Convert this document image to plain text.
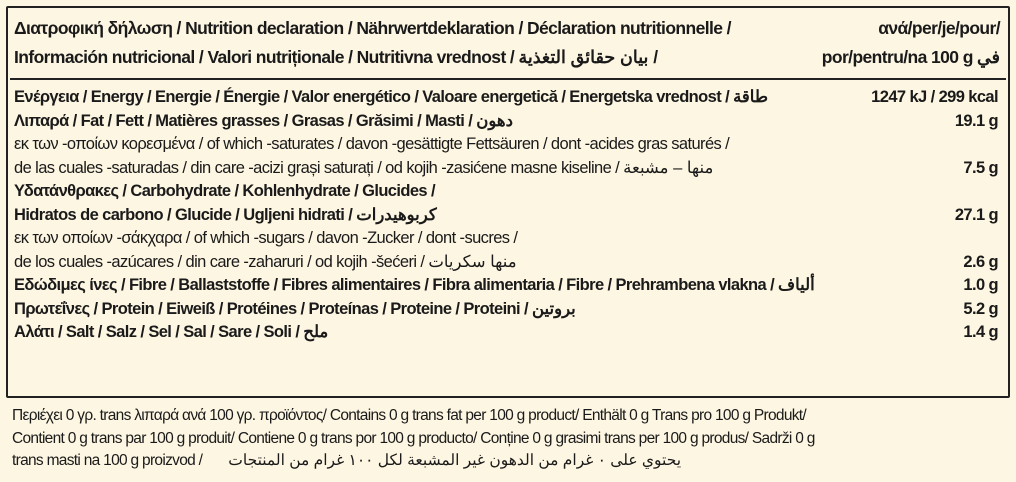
Διατροφική δήλωση / Nutrition declaration / Nährwertdeklaration / Déclaration nutritionnelle /
Información nutricional / Valori nutriționale / Nutritivna vrednost / بيان حقائق التغذية /
ανά/per/je/pour/
por/pentru/na 100 g في
Ενέργεια / Energy / Energie / Énergie / Valor energético / Valoare energetică / Energetska vrednost / طاقة	1247 kJ / 299 kcal
Λιπαρά / Fat / Fett / Matières grasses / Grasas / Grăsimi / Masti / دهون	19.1 g
εκ των -οποίων κορεσμένα / of which -saturates / davon -gesättigte Fettsäuren / dont -acides gras saturés /
de las cuales -saturadas / din care -acizi grași saturați / od kojih -zasićene masne kiseline / منها – مشبعة	7.5 g
Υδατάνθρακες / Carbohydrate / Kohlenhydrate / Glucides /
Hidratos de carbono / Glucide / Ugljeni hidrati / كربوهيدرات	27.1 g
εκ των οποίων -σάκχαρα / of which -sugars / davon -Zucker / dont -sucres /
de los cuales -azúcares / din care -zaharuri / od kojih -šećeri / منها سكريات	2.6 g
Εδώδιμες ίνες / Fibre / Ballaststoffe / Fibres alimentaires / Fibra alimentaria / Fibre / Prehrambena vlakna / ألياف	1.0 g
Πρωτεΐνες / Protein / Eiweiß / Protéines / Proteínas / Proteine / Proteini / بروتين	5.2 g
Αλάτι / Salt / Salz / Sel / Sal / Sare / Soli / ملح	1.4 g
Περιέχει 0 γρ. trans λιπαρά ανά 100 γρ. προϊόντος/ Contains 0 g trans fat per 100 g product/ Enthält 0 g Trans pro 100 g Produkt/
Contient 0 g trans par 100 g produit/ Contiene 0 g trans por 100 g producto/ Conține 0 g grasimi trans per 100 g produs/ Sadrži 0 g
trans masti na 100 g proizvod / يحتوي على ٠ غرام من الدهون غير المشبعة لكل ١٠٠ غرام من المنتجات
